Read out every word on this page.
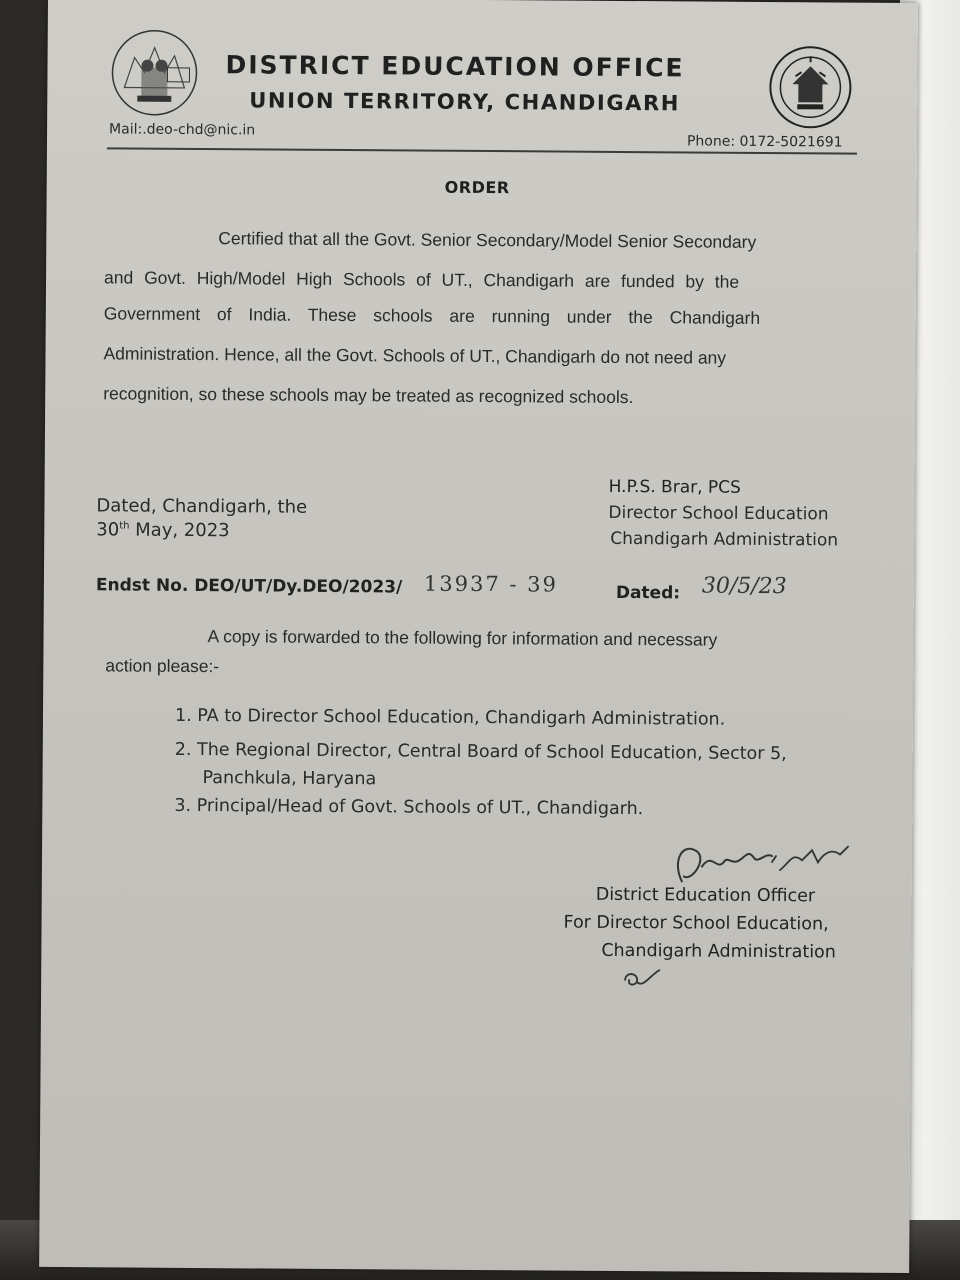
DISTRICT EDUCATION OFFICE
UNION TERRITORY, CHANDIGARH
Mail:.deo-chd@nic.in
Phone: 0172-5021691
ORDER
Certified that all the Govt. Senior Secondary/Model Senior Secondary
and Govt. High/Model High Schools of UT., Chandigarh are funded by the
Government of India. These schools are running under the Chandigarh
Administration. Hence, all the Govt. Schools of UT., Chandigarh do not need any
recognition, so these schools may be treated as recognized schools.
Dated, Chandigarh, the
30th May, 2023
H.P.S. Brar, PCS
Director School Education
Chandigarh Administration
Endst No. DEO/UT/Dy.DEO/2023/ 13937 - 39	Dated: 30/5/23
A copy is forwarded to the following for information and necessary
action please:-
1. PA to Director School Education, Chandigarh Administration.
2. The Regional Director, Central Board of School Education, Sector 5,
Panchkula, Haryana
3. Principal/Head of Govt. Schools of UT., Chandigarh.
District Education Officer
For Director School Education,
Chandigarh Administration
